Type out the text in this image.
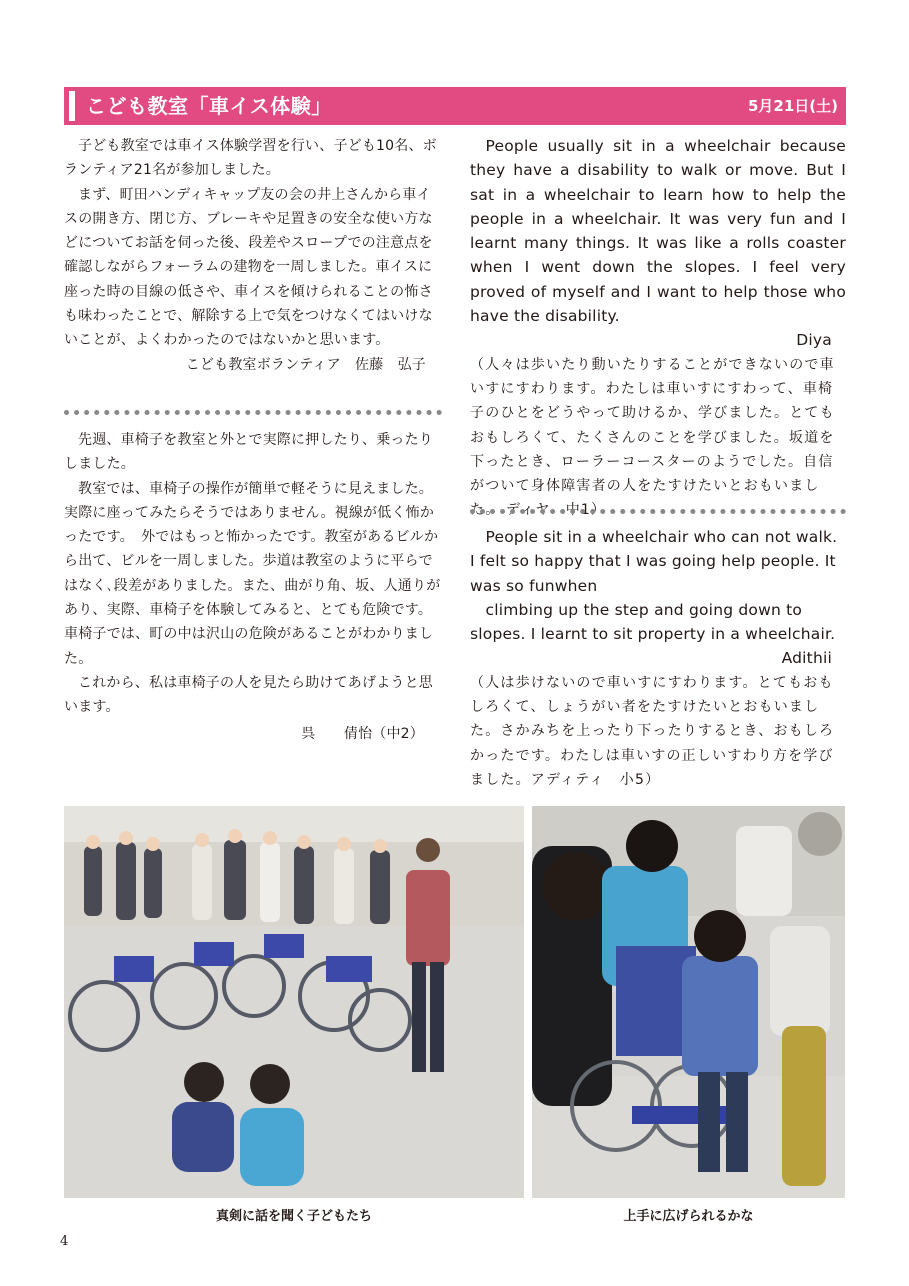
こども教室「車イス体験」	5月21日(土)

子ども教室では車イス体験学習を行い、子ども10名、ボランティア21名が参加しました。

まず、町田ハンディキャップ友の会の井上さんから車イスの開き方、閉じ方、ブレーキや足置きの安全な使い方などについてお話を伺った後、段差やスロープでの注意点を確認しながらフォーラムの建物を一周しました。車イスに座った時の目線の低さや、車イスを傾けられることの怖さも味わったことで、解除する上で気をつけなくてはいけないことが、よくわかったのではないかと思います。

こども教室ボランティア　佐藤　弘子

先週、車椅子を教室と外とで実際に押したり、乗ったりしました。

教室では、車椅子の操作が簡単で軽そうに見えました。実際に座ってみたらそうではありません。視線が低く怖かったです。　外ではもっと怖かったです。教室があるビルから出て、ビルを一周しました。歩道は教室のように平らではなく､段差がありました。また、曲がり角、坂、人通りがあり、実際、車椅子を体験してみると、とても危険です。車椅子では、町の中は沢山の危険があることがわかりました。

これから、私は車椅子の人を見たら助けてあげようと思います。

呉　　倩怡（中2）

People usually sit in a wheelchair because they have a disability to walk or move. But I sat in a wheelchair to learn how to help the people in a wheelchair. It was very fun and I learnt many things. It was like a rolls coaster when I went down the slopes. I feel very proved of myself and I want to help those who have the disability.

Diya

（人々は歩いたり動いたりすることができないので車いすにすわります。わたしは車いすにすわって、車椅子のひとをどうやって助けるか、学びました。とてもおもしろくて、たくさんのことを学びました。坂道を下ったとき、ローラーコースターのようでした。自信がついて身体障害者の人をたすけたいとおもいました。 ディヤ　中1）

People sit in a wheelchair who can not walk. I felt so happy that I was going help people. It was so funwhen

climbing up the step and going down to slopes. I learnt to sit property in a wheelchair.

Adithii

（人は歩けないので車いすにすわります。とてもおもしろくて、しょうがい者をたすけたいとおもいました。さかみちを上ったり下ったりするとき、おもしろかったです。わたしは車いすの正しいすわり方を学びました。アディティ　小5）

真剣に話を聞く子どもたち	上手に広げられるかな
4
